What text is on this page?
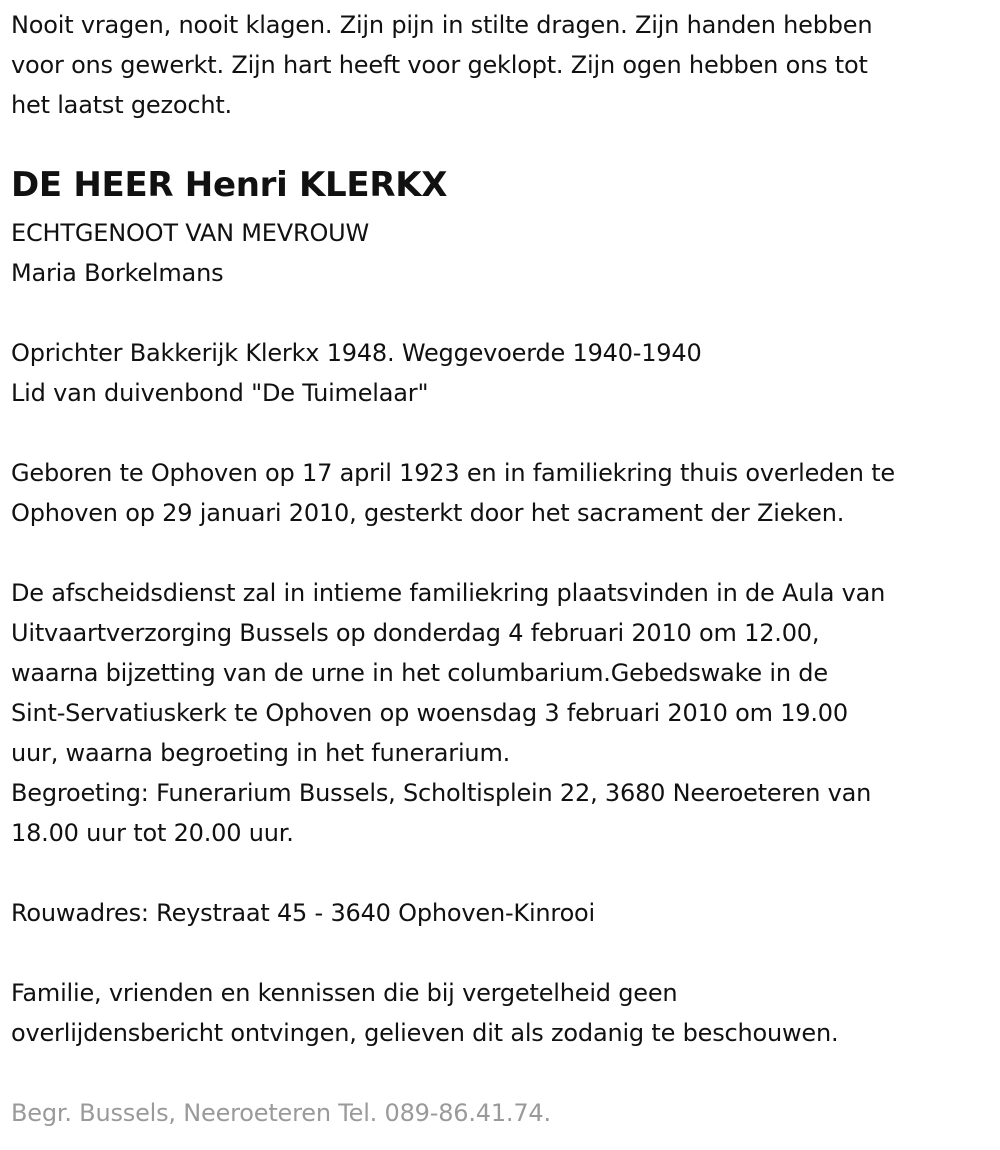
Nooit vragen, nooit klagen. Zijn pijn in stilte dragen. Zijn handen hebben
voor ons gewerkt. Zijn hart heeft voor geklopt. Zijn ogen hebben ons tot
het laatst gezocht.
DE HEER Henri KLERKX
ECHTGENOOT VAN MEVROUW
Maria Borkelmans
Oprichter Bakkerijk Klerkx 1948. Weggevoerde 1940-1940
Lid van duivenbond "De Tuimelaar"
Geboren te Ophoven op 17 april 1923 en in familiekring thuis overleden te
Ophoven op 29 januari 2010, gesterkt door het sacrament der Zieken.
De afscheidsdienst zal in intieme familiekring plaatsvinden in de Aula van
Uitvaartverzorging Bussels op donderdag 4 februari 2010 om 12.00,
waarna bijzetting van de urne in het columbarium.Gebedswake in de
Sint-Servatiuskerk te Ophoven op woensdag 3 februari 2010 om 19.00
uur, waarna begroeting in het funerarium.
Begroeting: Funerarium Bussels, Scholtisplein 22, 3680 Neeroeteren van
18.00 uur tot 20.00 uur.
Rouwadres: Reystraat 45 - 3640 Ophoven-Kinrooi
Familie, vrienden en kennissen die bij vergetelheid geen
overlijdensbericht ontvingen, gelieven dit als zodanig te beschouwen.
Begr. Bussels, Neeroeteren Tel. 089-86.41.74.
